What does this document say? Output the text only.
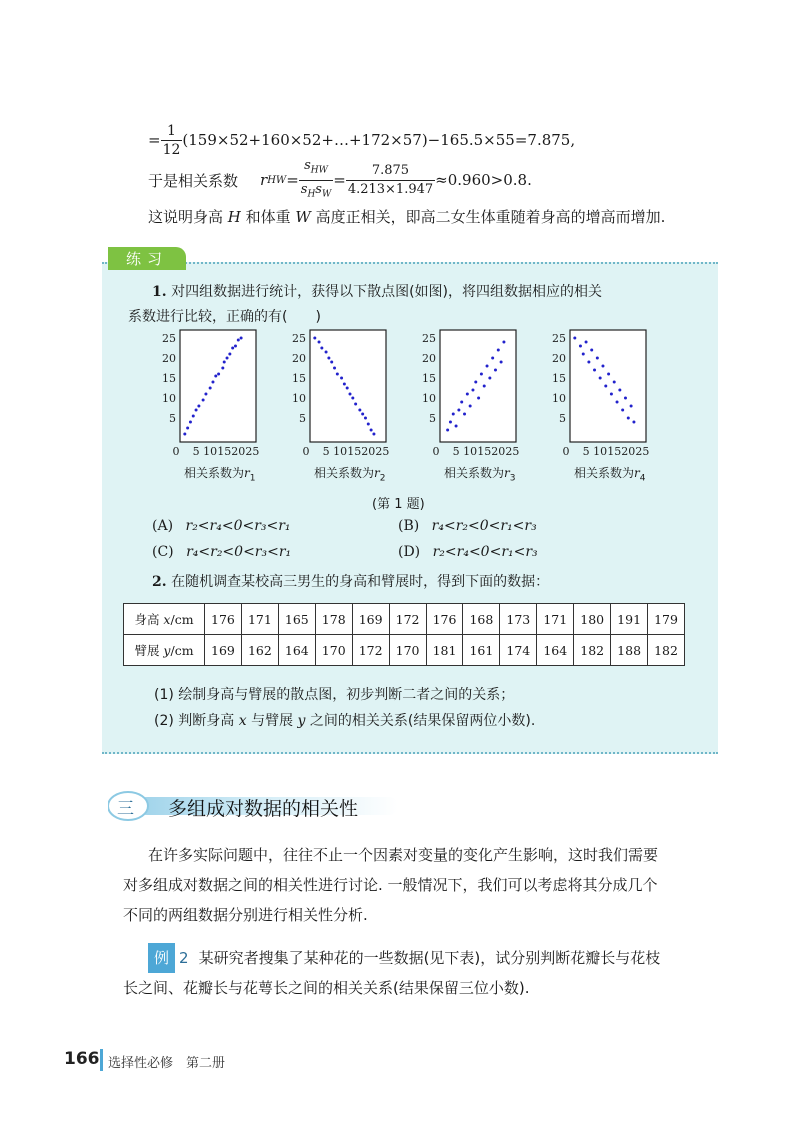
= $\frac{1}{12}$ (159×52+160×52+…+172×57)−165.5×55=7.875,
于是相关系数 r HW = $\frac{s_{HW}}{s_Hs_W} = \frac{7.875}{4.213\times 1.947} \approx 0.960>0.8$.
这说明身高 H 和体重 W 高度正相关，即高二女生体重随着身高的增高而增加.
练习
1. 对四组数据进行统计，获得以下散点图(如图)，将四组数据相应的相关
系数进行比较，正确的有(　　)
25
20
15
10
5
0 5 10 15 20 25
相关系数为$r_1$
25
20
15
10
5
0 5 10 15 20 25
相关系数为$r_2$
25
20
15
10
5
0 5 10 15 20 25
相关系数为$r_3$
25
20
15
10
5
0 5 10 15 20 25
相关系数为$r_4$
(第 1 题)
(A) r₂<r₄<0<r₃<r₁	(B) r₄<r₂<0<r₁<r₃
(C) r₄<r₂<0<r₃<r₁	(D) r₂<r₄<0<r₁<r₃
2. 在随机调查某校高三男生的身高和臂展时，得到下面的数据：
身高 x/cm	176	171	165	178	169	172	176	168	173	171	180	191	179
臂展 y/cm	169	162	164	170	172	170	181	161	174	164	182	188	182
(1) 绘制身高与臂展的散点图，初步判断二者之间的关系；
(2) 判断身高 x 与臂展 y 之间的相关关系(结果保留两位小数).
三 多组成对数据的相关性
在许多实际问题中，往往不止一个因素对变量的变化产生影响，这时我们需要
对多组成对数据之间的相关性进行讨论. 一般情况下，我们可以考虑将其分成几个
不同的两组数据分别进行相关性分析.
例 2 某研究者搜集了某种花的一些数据(见下表)，试分别判断花瓣长与花枝
长之间、花瓣长与花萼长之间的相关关系(结果保留三位小数).
166 选择性必修　第二册
